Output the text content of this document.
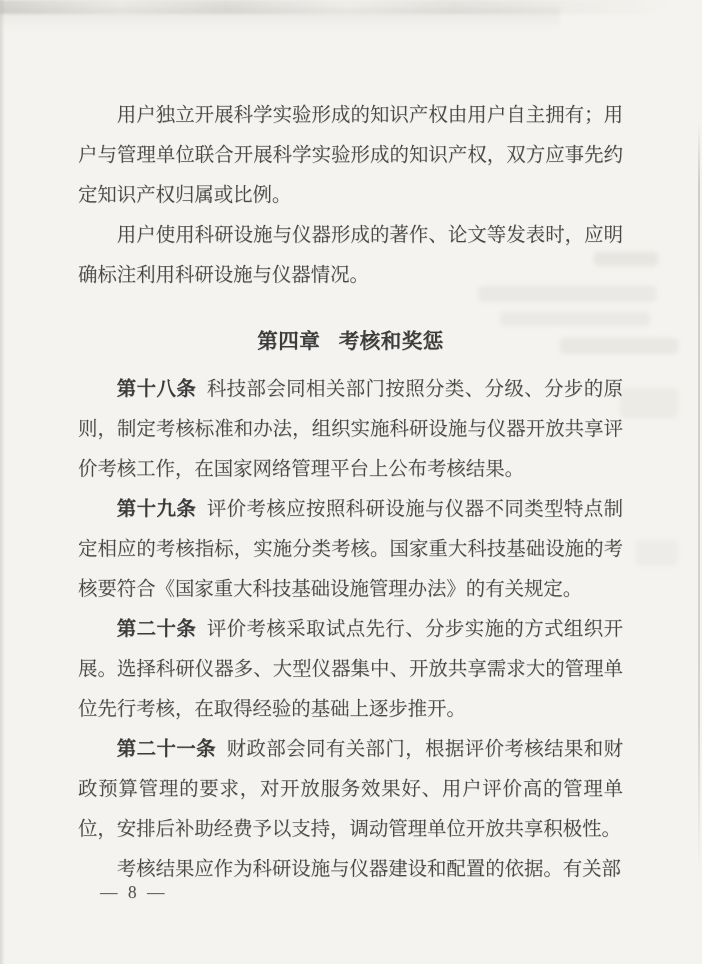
用户独立开展科学实验形成的知识产权由用户自主拥有；用户与管理单位联合开展科学实验形成的知识产权，双方应事先约定知识产权归属或比例。

用户使用科研设施与仪器形成的著作、论文等发表时，应明确标注利用科研设施与仪器情况。

第四章 考核和奖惩

第十八条 科技部会同相关部门按照分类、分级、分步的原则，制定考核标准和办法，组织实施科研设施与仪器开放共享评价考核工作，在国家网络管理平台上公布考核结果。

第十九条 评价考核应按照科研设施与仪器不同类型特点制定相应的考核指标，实施分类考核。国家重大科技基础设施的考核要符合《国家重大科技基础设施管理办法》的有关规定。

第二十条 评价考核采取试点先行、分步实施的方式组织开展。选择科研仪器多、大型仪器集中、开放共享需求大的管理单位先行考核，在取得经验的基础上逐步推开。

第二十一条 财政部会同有关部门，根据评价考核结果和财政预算管理的要求，对开放服务效果好、用户评价高的管理单位，安排后补助经费予以支持，调动管理单位开放共享积极性。

考核结果应作为科研设施与仪器建设和配置的依据。有关部

— 8 —
